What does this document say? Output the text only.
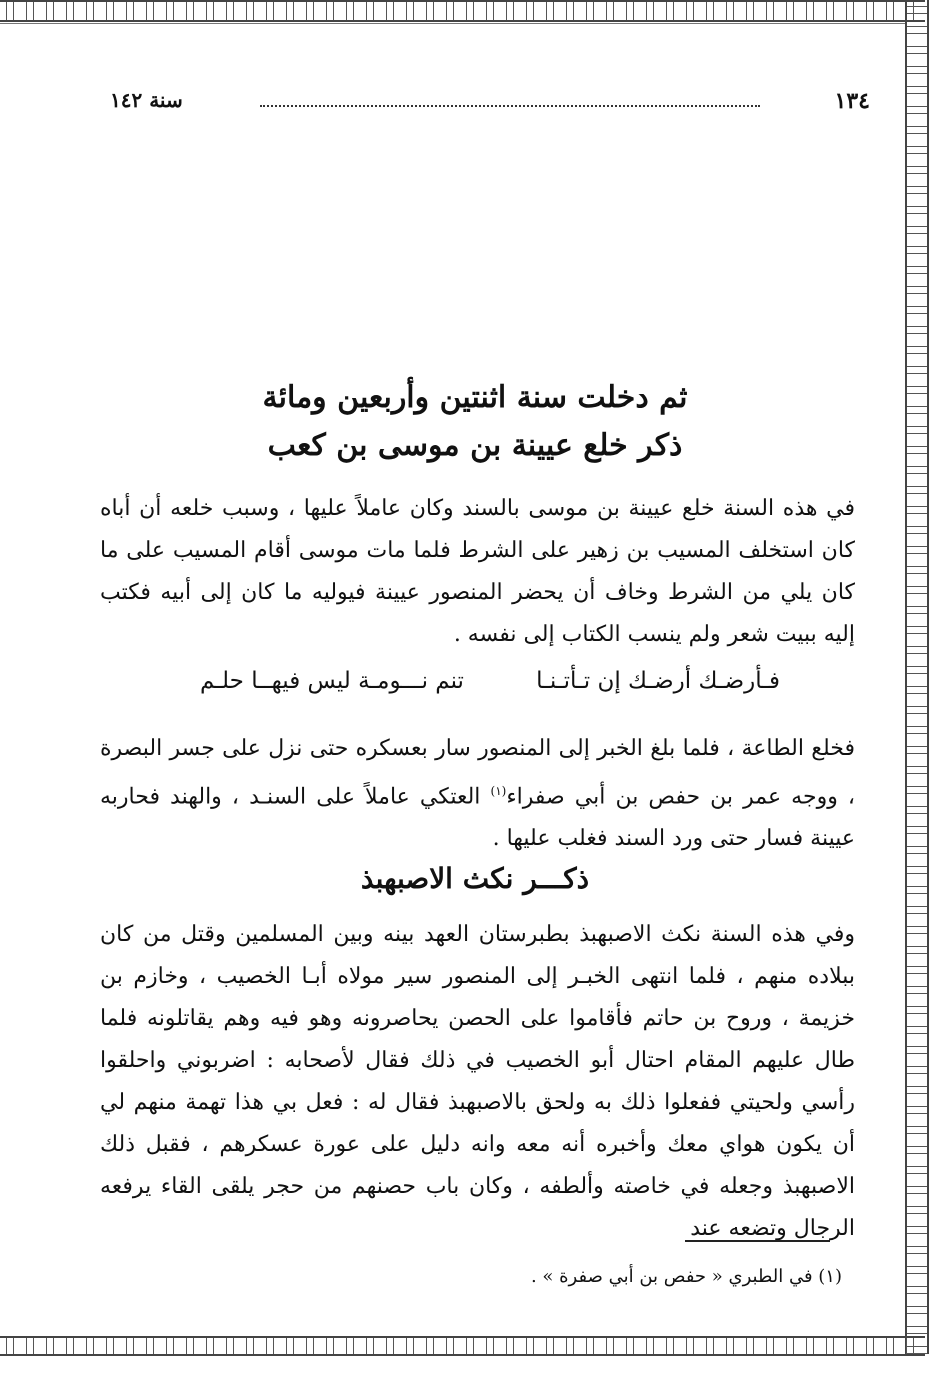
١٣٤
سنة ١٤٢
ثم دخلت سنة اثنتين وأربعين ومائة
ذكر خلع عيينة بن موسى بن كعب
في هذه السنة خلع عيينة بن موسى بالسند وكان عاملاً عليها ، وسبب خلعه أن أباه كان استخلف المسيب بن زهير على الشرط فلما مات موسى أقام المسيب على ما كان يلي من الشرط وخاف أن يحضر المنصور عيينة فيوليه ما كان إلى أبيه فكتب إليه ببيت شعر ولم ينسب الكتاب إلى نفسه .
فـأرضـك أرضـك إن تـأتـنـا
تنم نـــومـة ليس فيهــا حلـم
فخلع الطاعة ، فلما بلغ الخبر إلى المنصور سار بعسكره حتى نزل على جسر البصرة ، ووجه عمر بن حفص بن أبي صفراء$^{(١)}$ العتكي عاملاً على السنـد ، والهند فحاربه عيينة فسار حتى ورد السند فغلب عليها .
ذكـــر نكث الاصبهبذ
وفي هذه السنة نكث الاصبهبذ بطبرستان العهد بينه وبين المسلمين وقتل من كان ببلاده منهم ، فلما انتهى الخبـر إلى المنصور سير مولاه أبـا الخصيب ، وخازم بن خزيمة ، وروح بن حاتم فأقاموا على الحصن يحاصرونه وهو فيه وهم يقاتلونه فلما طال عليهم المقام احتال أبو الخصيب في ذلك فقال لأصحابه : اضربوني واحلقوا رأسي ولحيتي ففعلوا ذلك به ولحق بالاصبهبذ فقال له : فعل بي هذا تهمة منهم لي أن يكون هواي معك وأخبره أنه معه وانه دليل على عورة عسكرهم ، فقبل ذلك الاصبهبذ وجعله في خاصته وألطفه ، وكان باب حصنهم من حجر يلقى القاء يرفعه الرجال وتضعه عند
(١) في الطبري « حفص بن أبي صفرة » .
